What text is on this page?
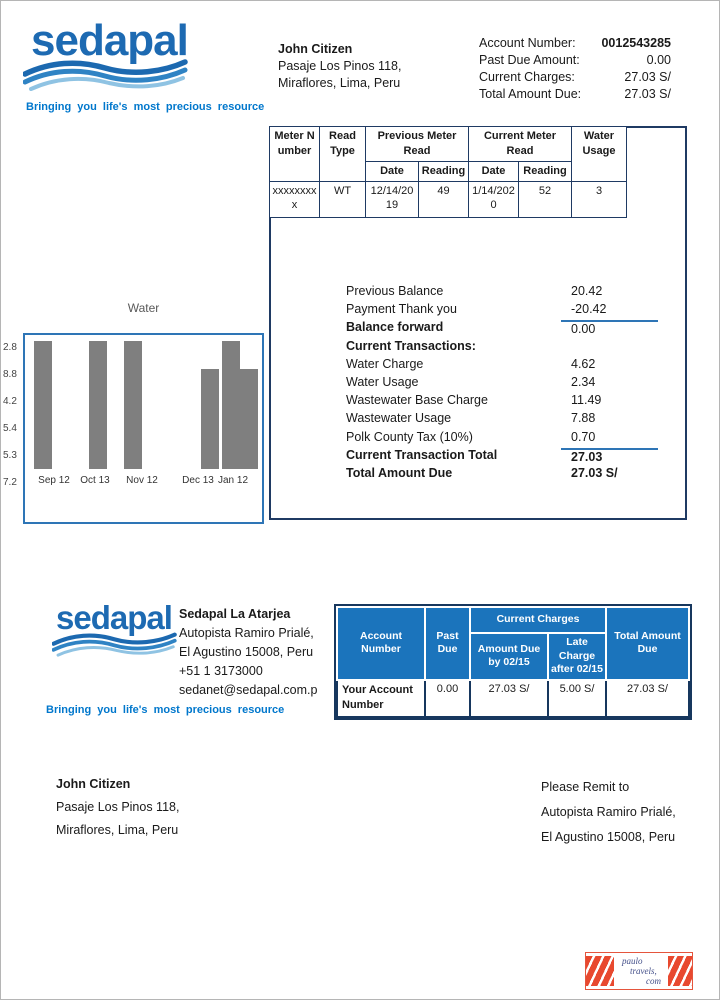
sedapal
Bringing you life's most precious resource
John Citizen
Pasaje Los Pinos 118,
Miraflores, Lima, Peru
Account Number: 0012543285
Past Due Amount:	0.00
Current Charges:	27.03 S/
Total Amount Due:	27.03 S/
Meter Number	Read Type	Previous Meter Read		Current Meter Read		Water Usage
		Date	Reading	Date	Reading	
xxxxxxxxx	WT	12/14/2019	49	1/14/2020	52	3
Previous Balance	20.42
Payment Thank you	-20.42
Balance forward	0.00
Current Transactions:
Water Charge	4.62
Water Usage	2.34
Wastewater Base Charge	11.49
Wastewater Usage	7.88
Polk County Tax (10%)	0.70
Current Transaction Total	27.03
Total Amount Due	27.03 S/
Water
2.8
8.8
4.2
5.4
5.3
7.2 Sep 12 Oct 13 Nov 12 Dec 13 Jan 12
sedapal Sedapal La Atarjea
Autopista Ramiro Prialé,
El Agustino 15008, Peru
+51 1 3173000
sedanet@sedapal.com.p
Bringing you life's most precious resource
Account Number	Past Due	Current Charges		Total Amount Due
		Amount Due by 02/15	Late Charge after 02/15	
Your Account Number	0.00	27.03 S/	5.00 S/	27.03 S/
John Citizen
Pasaje Los Pinos 118,
Miraflores, Lima, Peru
Please Remit to
Autopista Ramiro Prialé,
El Agustino 15008, Peru
paulo
travels,
com
